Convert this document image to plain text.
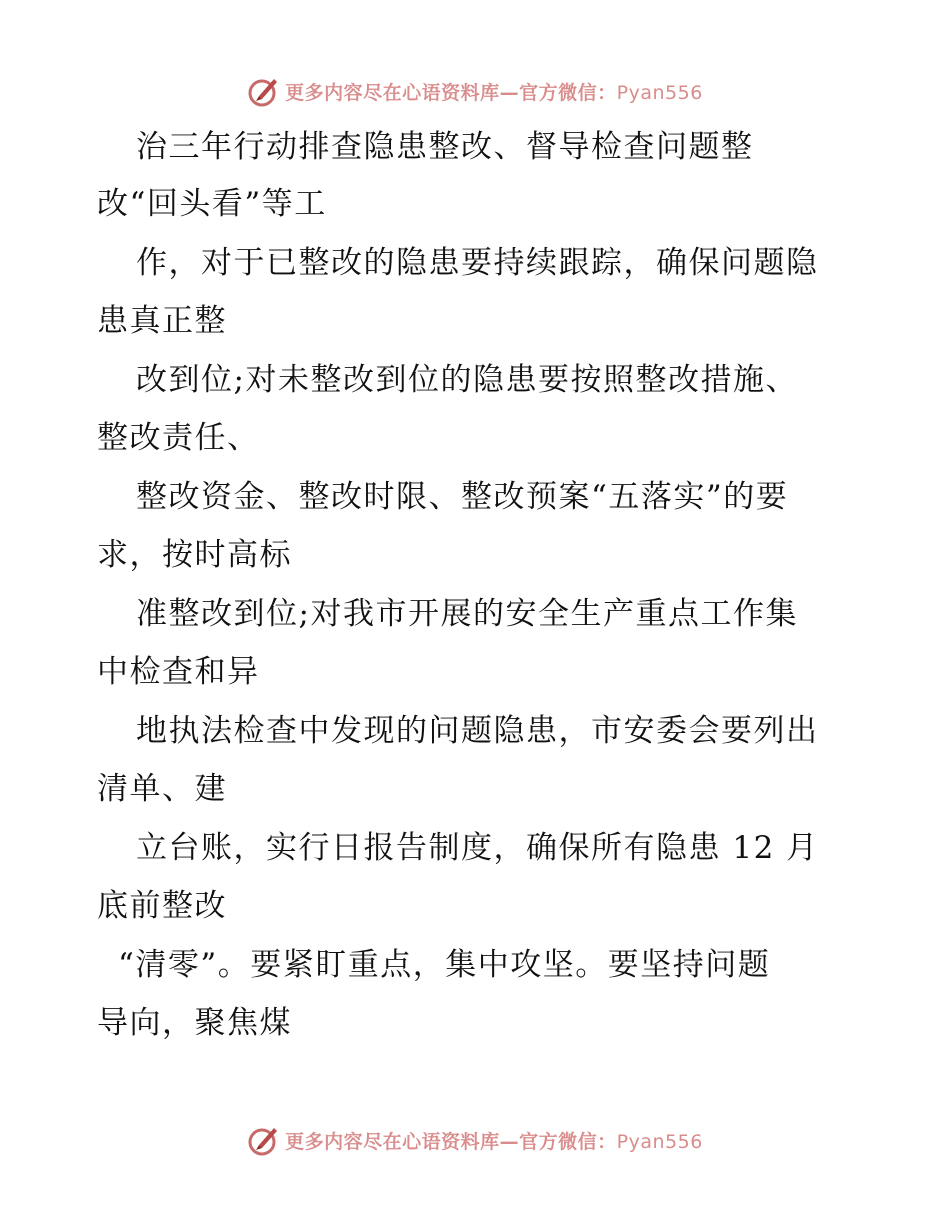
更多内容尽在心语资料库—官方微信：Pyan556
治三年行动排查隐患整改、督导检查问题整
改“回头看”等工
作，对于已整改的隐患要持续跟踪，确保问题隐
患真正整
改到位;对未整改到位的隐患要按照整改措施、
整改责任、
整改资金、整改时限、整改预案“五落实”的要
求，按时高标
准整改到位;对我市开展的安全生产重点工作集
中检查和异
地执法检查中发现的问题隐患，市安委会要列出
清单、建
立台账，实行日报告制度，确保所有隐患 12 月
底前整改
“清零”。要紧盯重点，集中攻坚。要坚持问题
导向，聚焦煤
更多内容尽在心语资料库—官方微信：Pyan556
